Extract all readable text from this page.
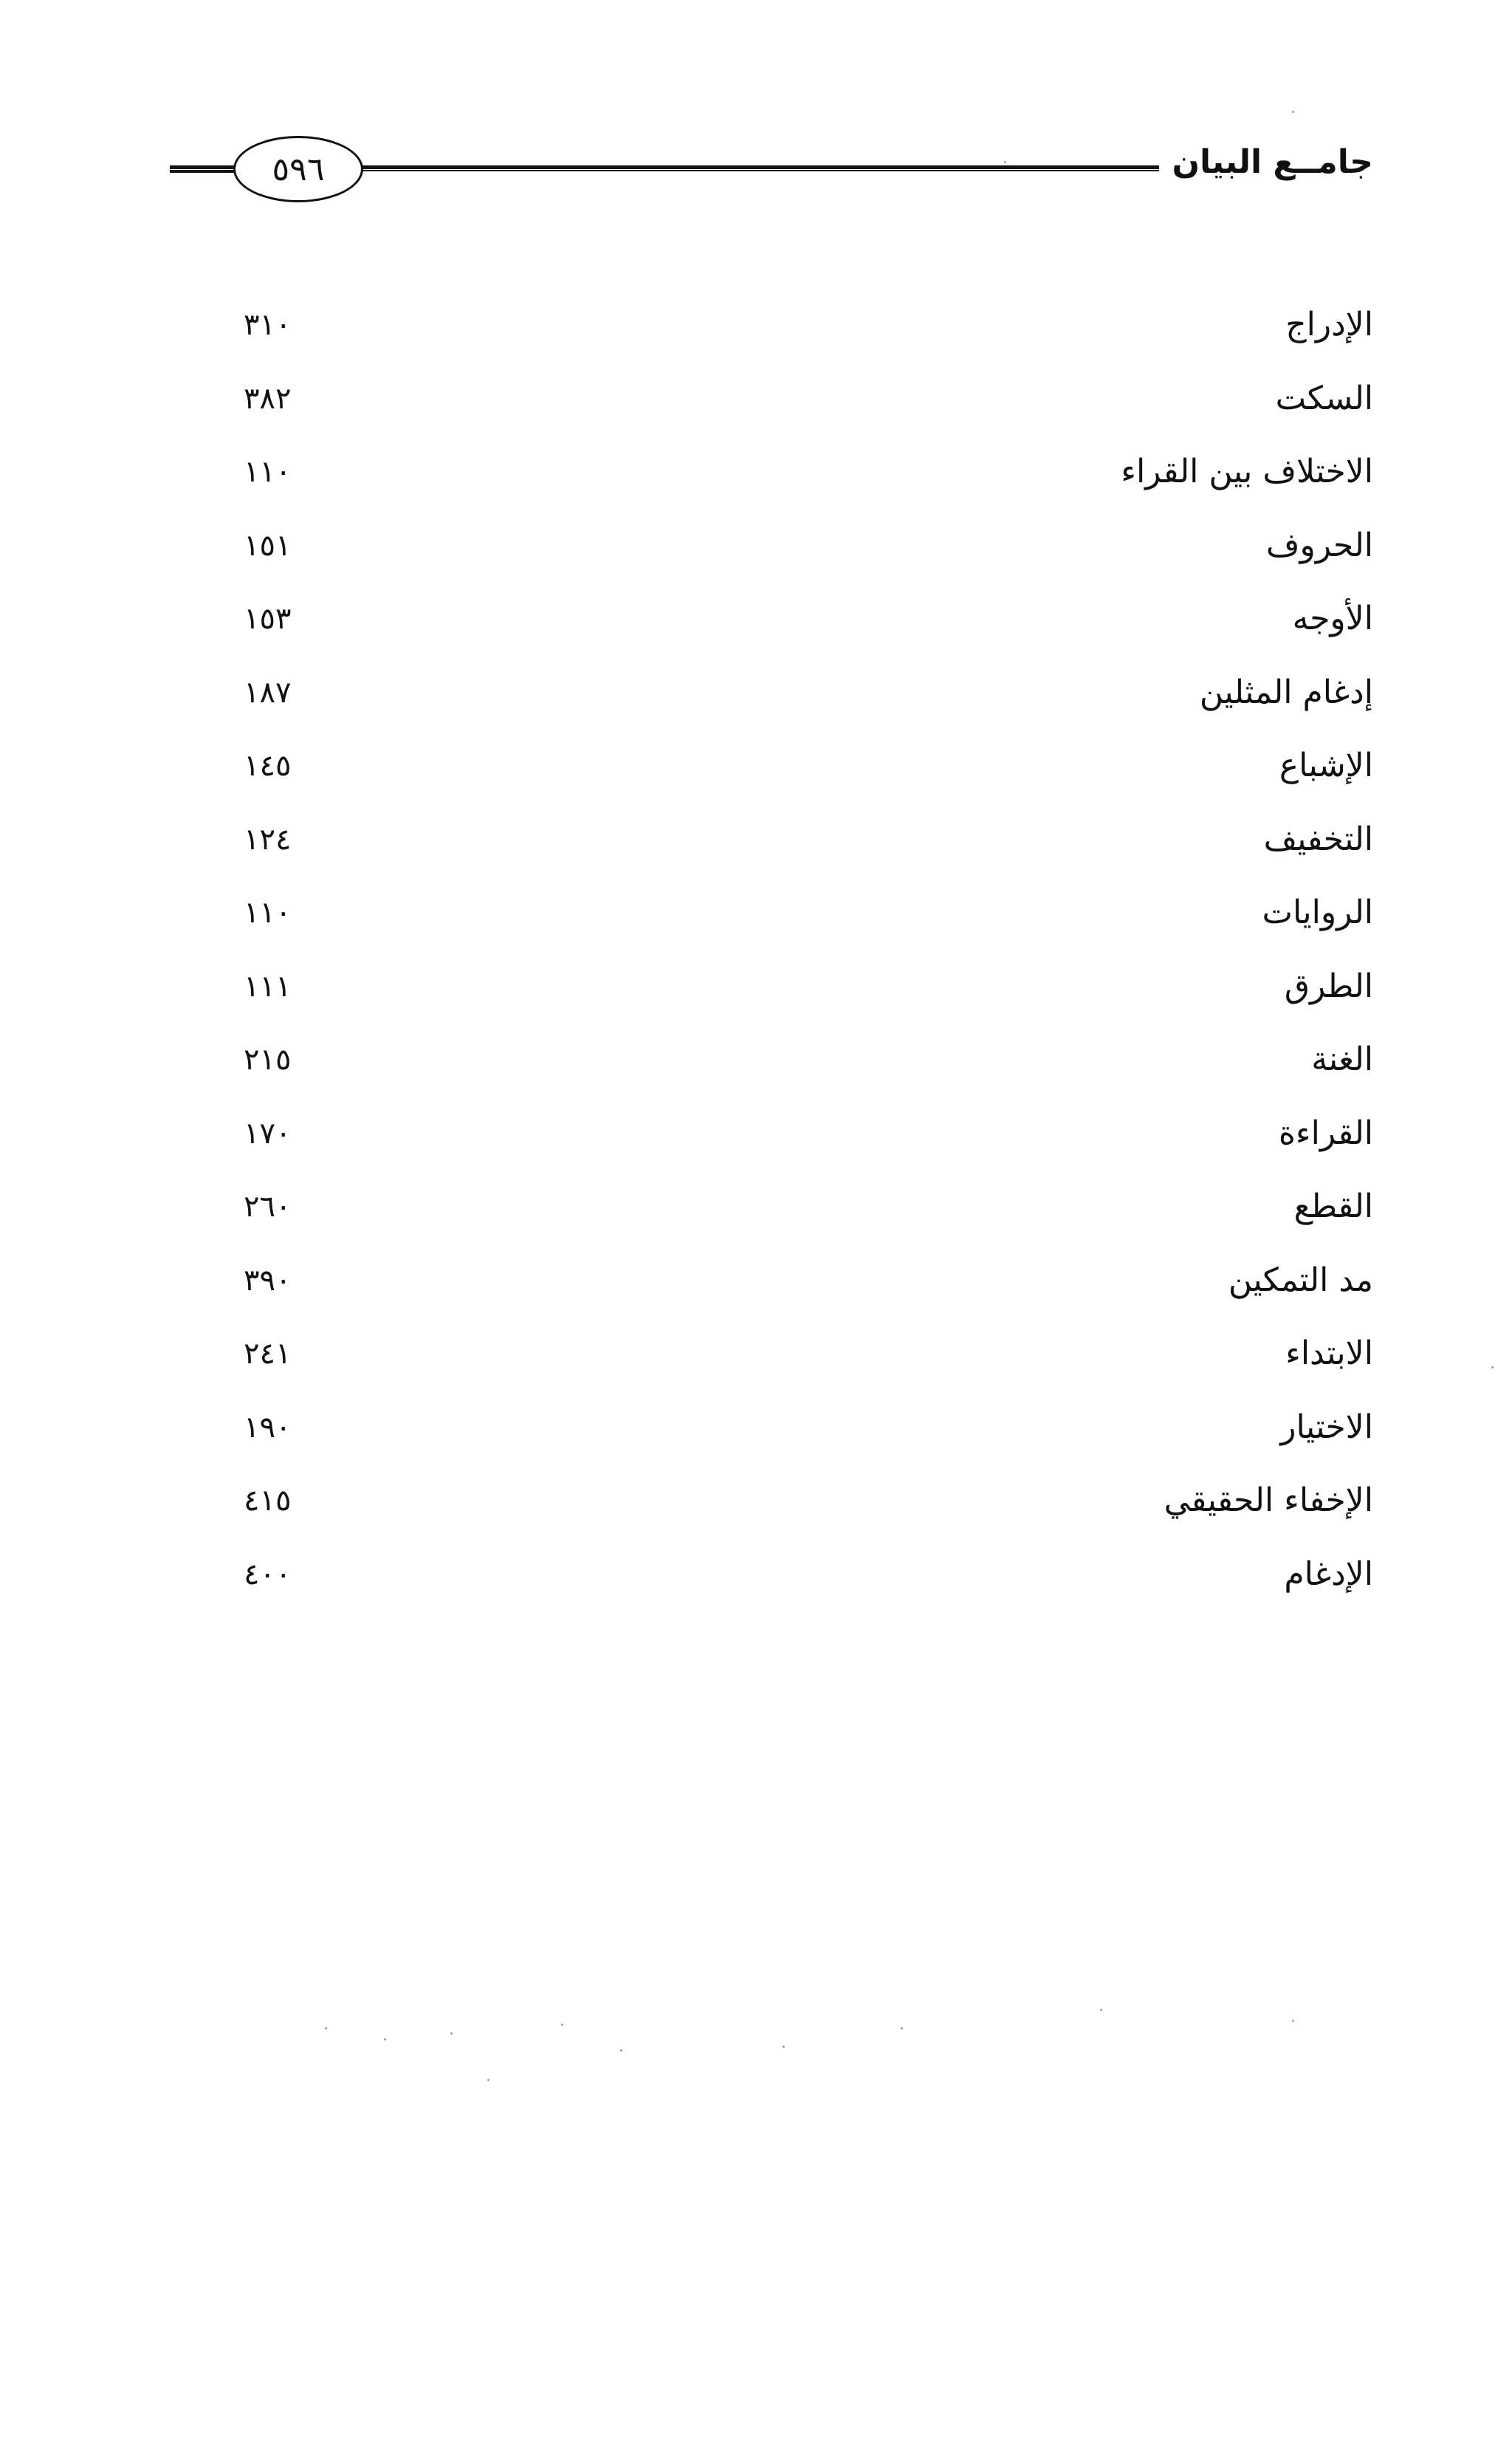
٥٩٦	جامــع البيان
الإدراج
٣١٠
السكت
٣٨٢
الاختلاف بين القراء
١١٠
الحروف
١٥١
الأوجه
١٥٣
إدغام المثلين
١٨٧
الإشباع
١٤٥
التخفيف
١٢٤
الروايات
١١٠
الطرق
١١١
الغنة
٢١٥
القراءة
١٧٠
القطع
٢٦٠
مد التمكين
٣٩٠
الابتداء
٢٤١
الاختيار
١٩٠
الإخفاء الحقيقي
٤١٥
الإدغام
٤٠٠
